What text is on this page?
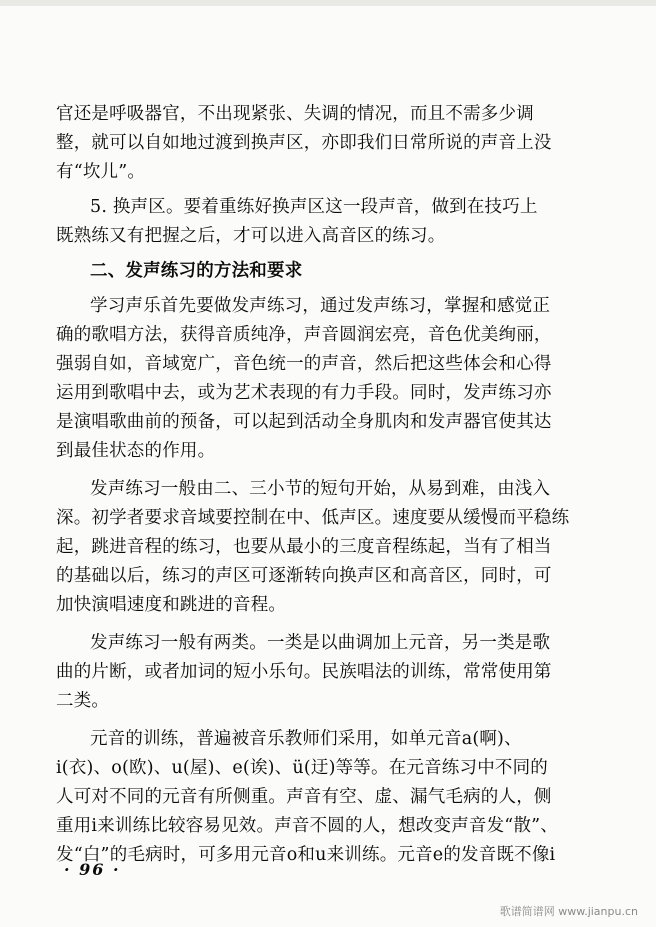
官还是呼吸器官，不出现紧张、失调的情况，而且不需多少调
整，就可以自如地过渡到换声区，亦即我们日常所说的声音上没
有“坎儿”。
5. 换声区。要着重练好换声区这一段声音，做到在技巧上
既熟练又有把握之后，才可以进入高音区的练习。
二、发声练习的方法和要求
学习声乐首先要做发声练习，通过发声练习，掌握和感觉正
确的歌唱方法，获得音质纯净，声音圆润宏亮，音色优美绚丽，
强弱自如，音域宽广，音色统一的声音，然后把这些体会和心得
运用到歌唱中去，或为艺术表现的有力手段。同时，发声练习亦
是演唱歌曲前的预备，可以起到活动全身肌肉和发声器官使其达
到最佳状态的作用。
发声练习一般由二、三小节的短句开始，从易到难，由浅入
深。初学者要求音域要控制在中、低声区。速度要从缓慢而平稳练
起，跳进音程的练习，也要从最小的三度音程练起，当有了相当
的基础以后，练习的声区可逐渐转向换声区和高音区，同时，可
加快演唱速度和跳进的音程。
发声练习一般有两类。一类是以曲调加上元音，另一类是歌
曲的片断，或者加词的短小乐句。民族唱法的训练，常常使用第
二类。
元音的训练，普遍被音乐教师们采用，如单元音a(啊)、
i(衣)、o(欧)、u(屋)、e(诶)、ü(迂)等等。在元音练习中不同的
人可对不同的元音有所侧重。声音有空、虚、漏气毛病的人，侧
重用i来训练比较容易见效。声音不圆的人，想改变声音发“散”、
发“白”的毛病时，可多用元音o和u来训练。元音e的发音既不像i
· 96 ·
歌谱简谱网 www.jianpu.cn
